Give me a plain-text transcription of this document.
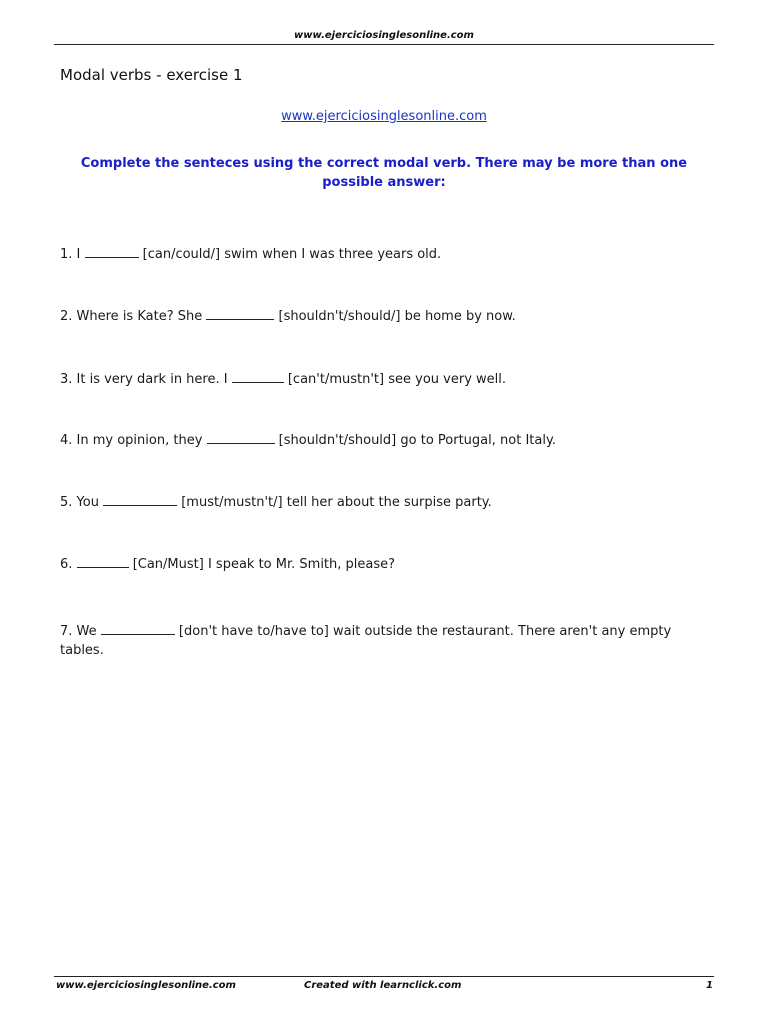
www.ejerciciosinglesonline.com
Modal verbs - exercise 1
www.ejerciciosinglesonline.com
Complete the senteces using the correct modal verb. There may be more than one possible answer:
1. I	[can/could/] swim when I was three years old.
2. Where is Kate? She	[shouldn't/should/] be home by now.
3. It is very dark in here. I	[can't/mustn't] see you very well.
4. In my opinion, they	[shouldn't/should] go to Portugal, not Italy.
5. You	[must/mustn't/] tell her about the surpise party.
6.	[Can/Must] I speak to Mr. Smith, please?
7. We	[don't have to/have to] wait outside the restaurant. There aren't any empty tables.
www.ejerciciosinglesonline.com	Created with learnclick.com	1
